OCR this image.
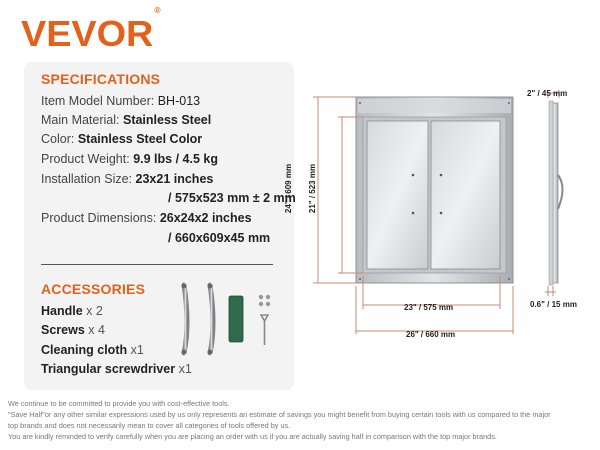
VEVOR®
SPECIFICATIONS
Item Model Number: BH-013
Main Material: Stainless Steel
Color: Stainless Steel Color
Product Weight: 9.9 lbs / 4.5 kg
Installation Size: 23x21 inches
/ 575x523 mm ± 2 mm
Product Dimensions: 26x24x2 inches
/ 660x609x45 mm
ACCESSORIES
Handle x 2
Screws x 4
Cleaning cloth x1
Triangular screwdriver x1
2" / 45 mm
0.6" / 15 mm
23" / 575 mm
26" / 660 mm
24" / 609 mm 21" / 523 mm
We continue to be committed to provide you with cost-effective tools.
"Save Half"or any other similar expressions used by us only represents an estimate of savings you might benefit from buying certain tools with us compared to the major
top brands and does not necessarily mean to cover all categories of tools offered by us.
You are kindly reminded to verify carefully when you are placing an order with us if you are actually saving half in comparison with the top major brands.
